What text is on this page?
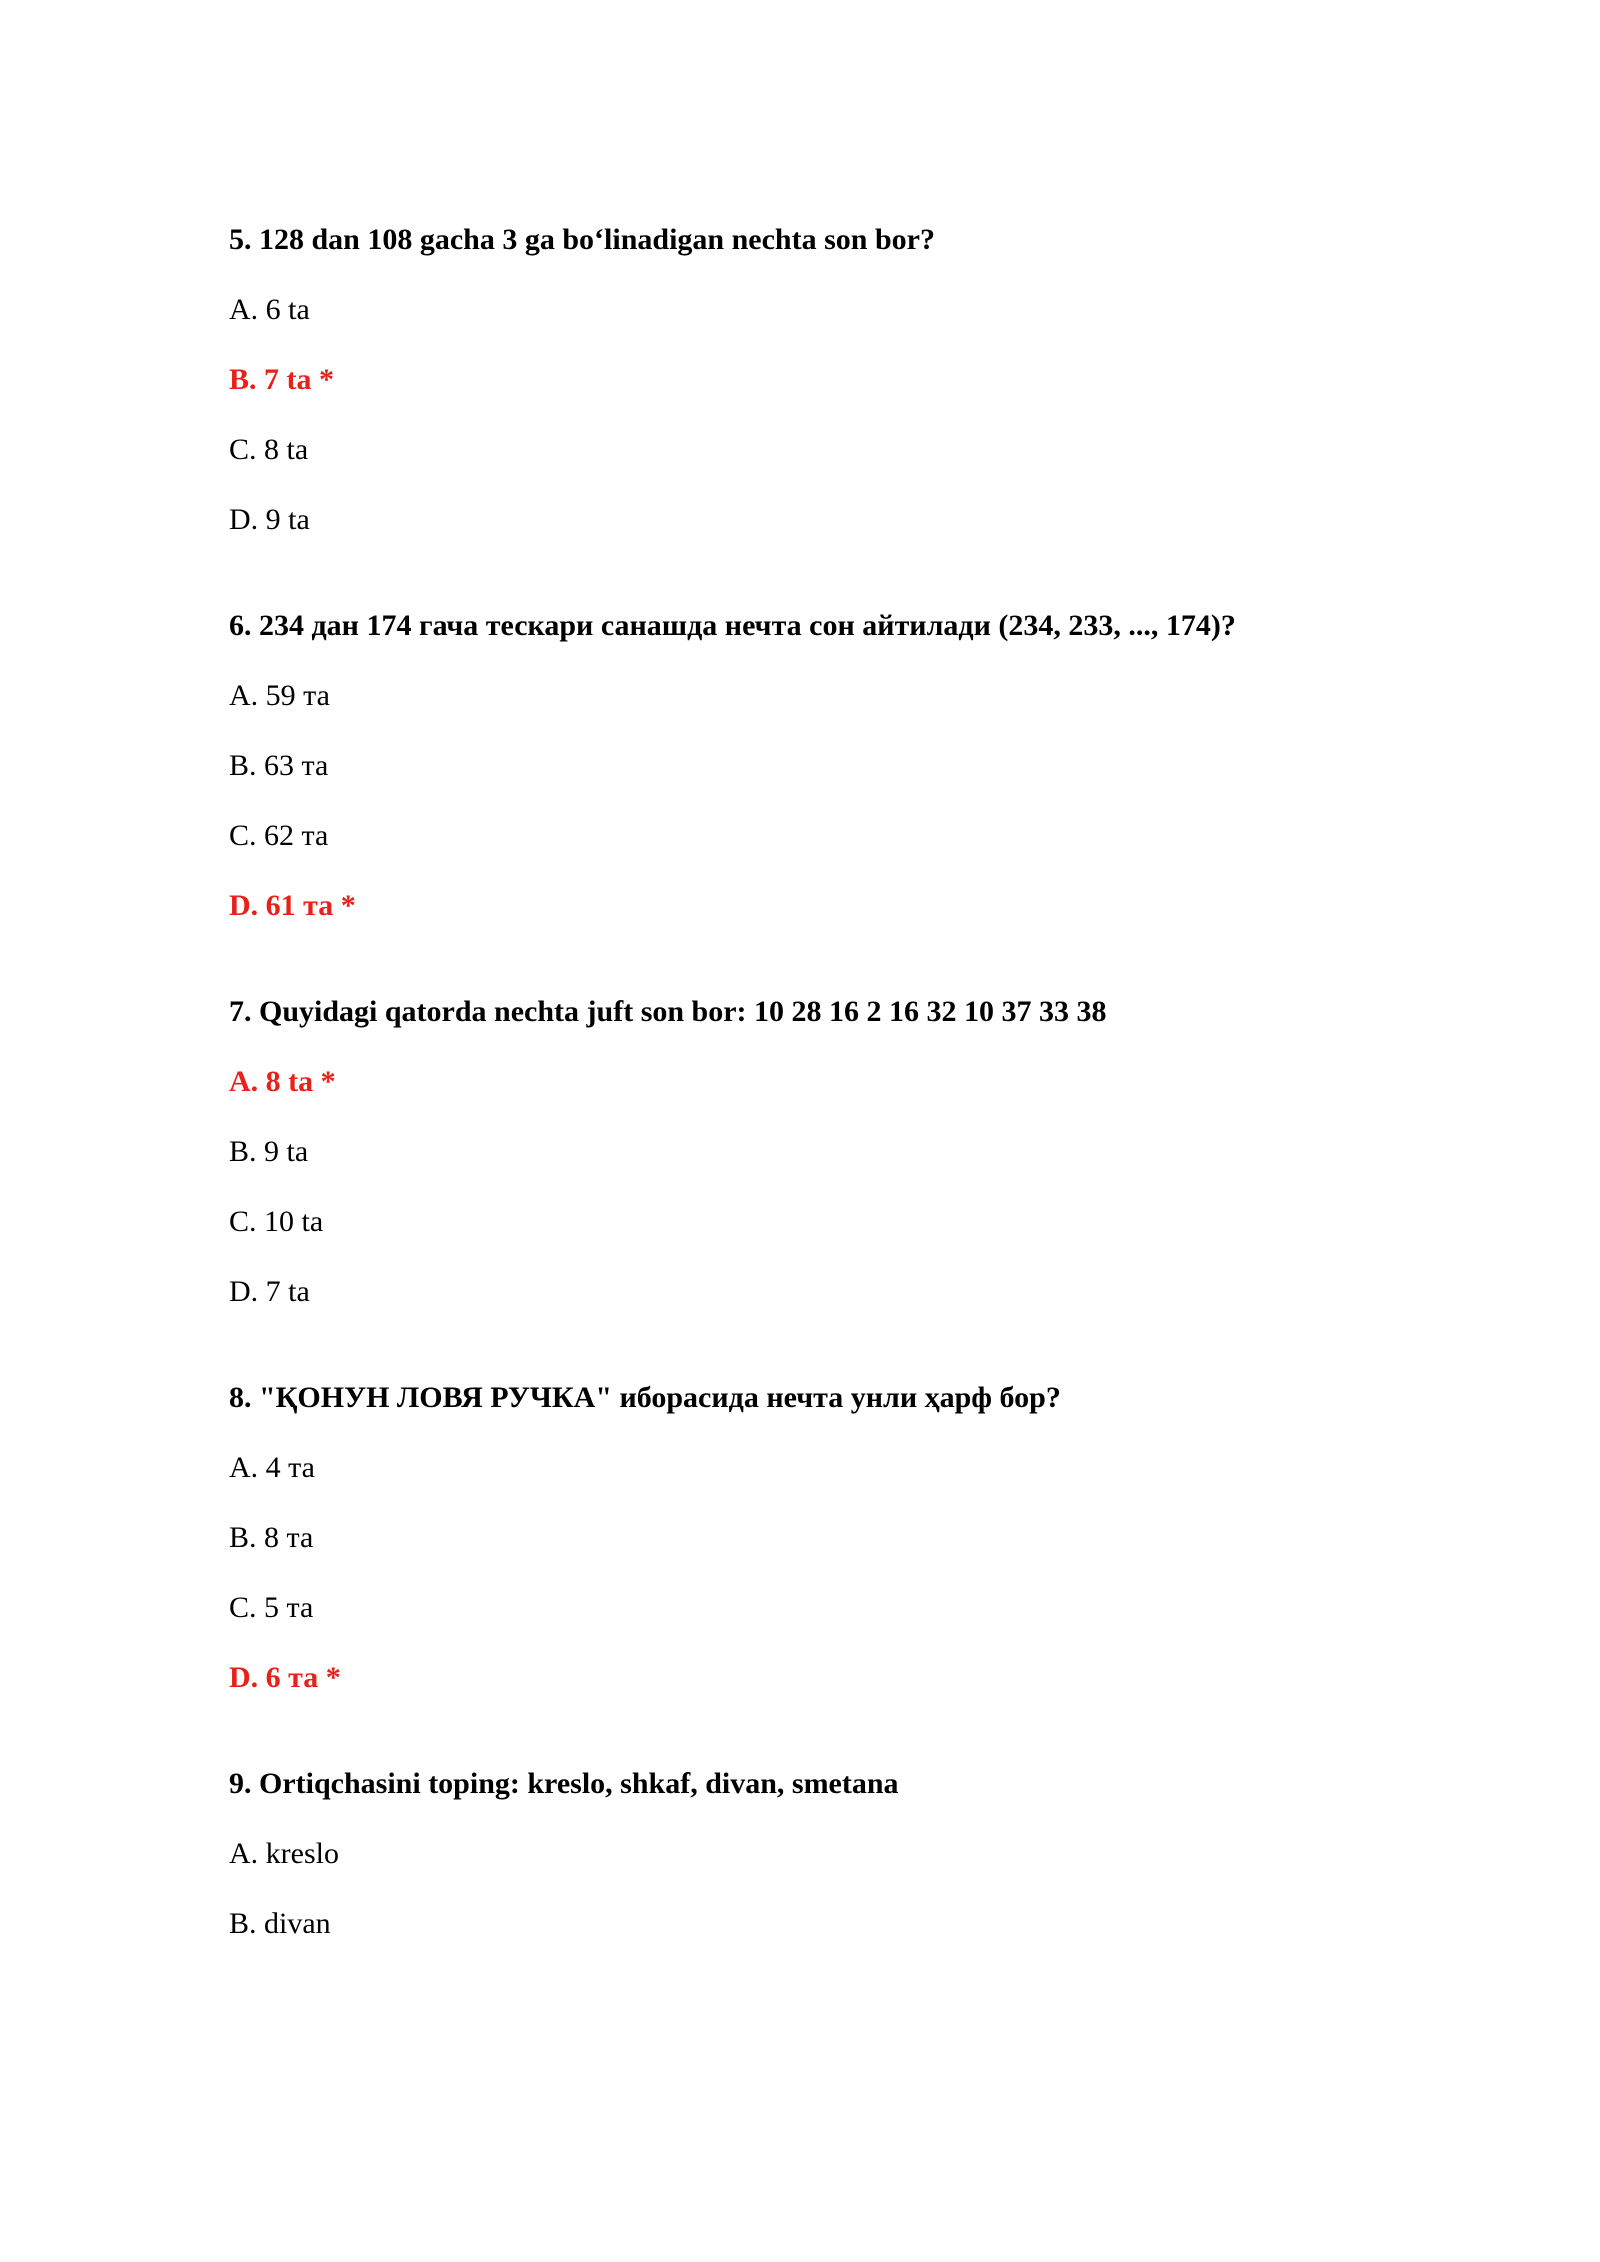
5. 128 dan 108 gacha 3 ga bo‘linadigan nechta son bor?
A. 6 ta
B. 7 ta *
C. 8 ta
D. 9 ta
6. 234 дан 174 гача тескари санашда нечта сон айтилади (234, 233, ..., 174)?
A. 59 та
B. 63 та
C. 62 та
D. 61 та *
7. Quyidagi qatorda nechta juft son bor: 10 28 16 2 16 32 10 37 33 38
A. 8 ta *
B. 9 ta
C. 10 ta
D. 7 ta
8. "ҚОНУН ЛОВЯ РУЧКА" иборасида нечта унли ҳарф бор?
A. 4 та
B. 8 та
C. 5 та
D. 6 та *
9. Ortiqchasini toping: kreslo, shkaf, divan, smetana
A. kreslo
B. divan
